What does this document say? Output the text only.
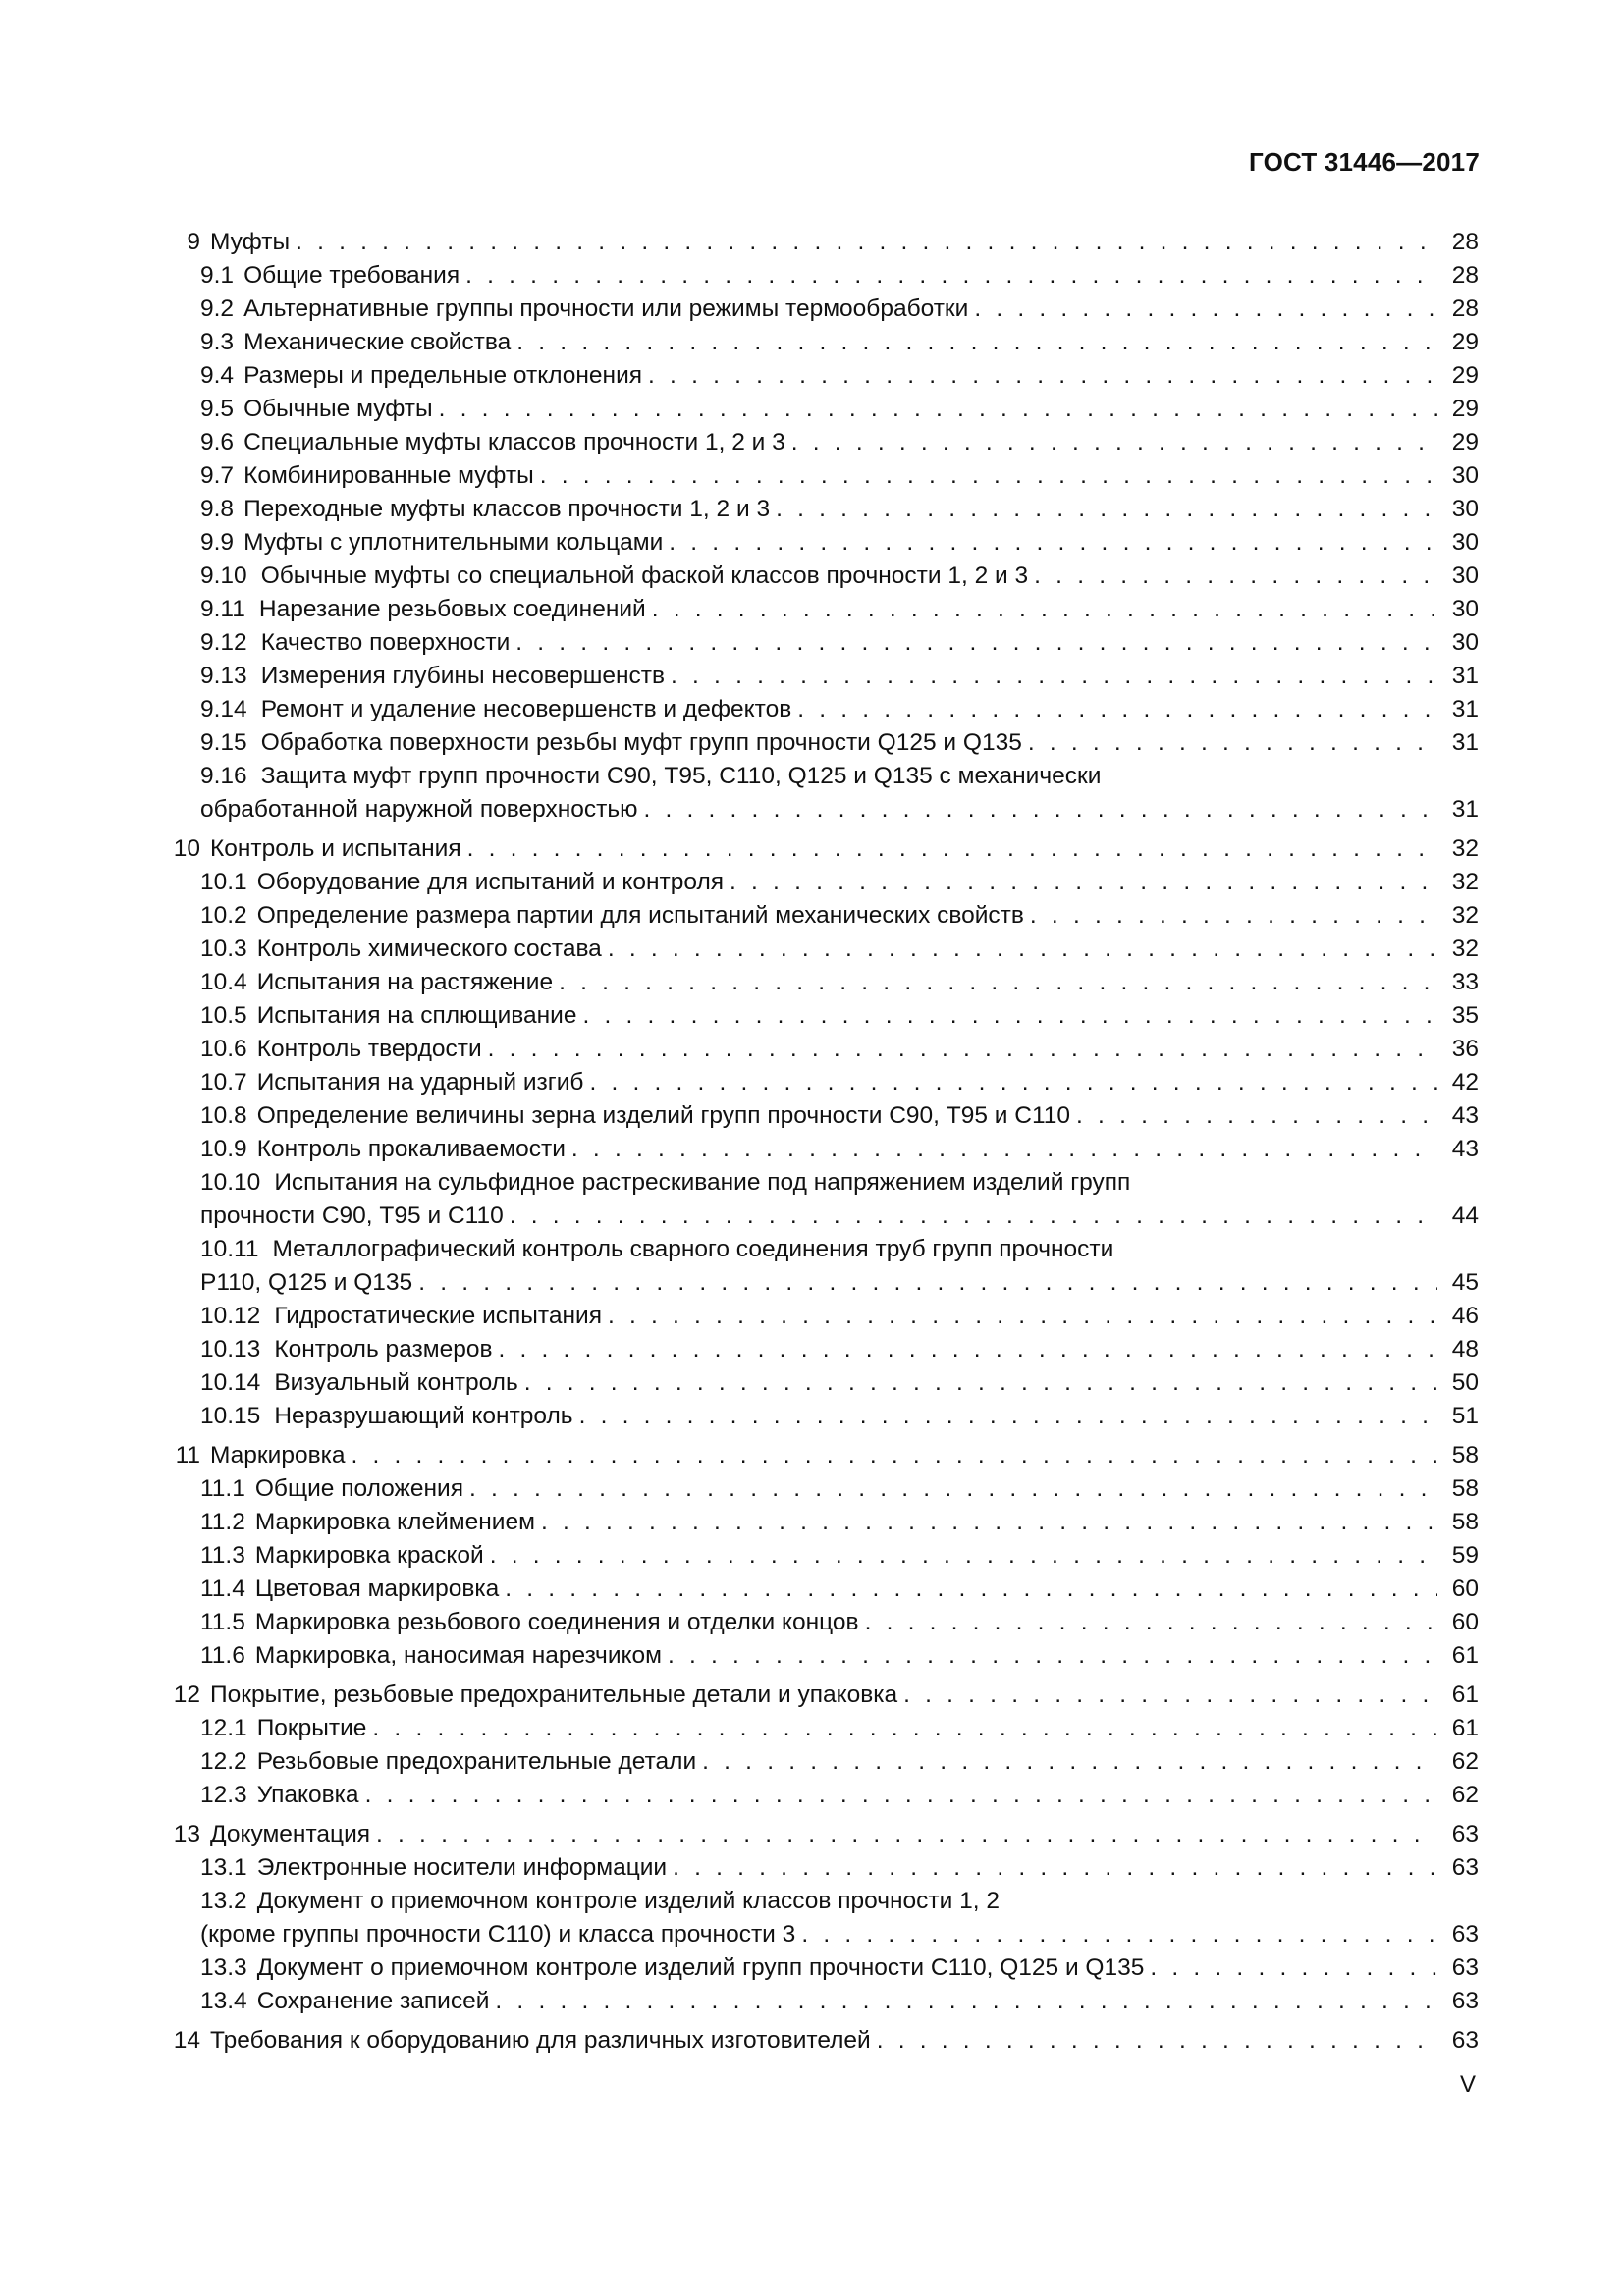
ГОСТ 31446—2017
9 Муфты . . .	28
9.1 Общие требования . . .	28
9.2 Альтернативные группы прочности или режимы термообработки . . .	28
9.3 Механические свойства . . .	29
9.4 Размеры и предельные отклонения . . .	29
9.5 Обычные муфты . . .	29
9.6 Специальные муфты классов прочности 1, 2 и 3 . . .	29
9.7 Комбинированные муфты . . .	30
9.8 Переходные муфты классов прочности 1, 2 и 3 . . .	30
9.9 Муфты с уплотнительными кольцами . . .	30
9.10 Обычные муфты со специальной фаской классов прочности 1, 2 и 3 . . .	30
9.11 Нарезание резьбовых соединений . . .	30
9.12 Качество поверхности . . .	30
9.13 Измерения глубины несовершенств . . .	31
9.14 Ремонт и удаление несовершенств и дефектов . . .	31
9.15 Обработка поверхности резьбы муфт групп прочности Q125 и Q135 . . .	31
9.16 Защита муфт групп прочности С90, Т95, С110, Q125 и Q135 с механически
обработанной наружной поверхностью . . .	31
10 Контроль и испытания . . .	32
10.1 Оборудование для испытаний и контроля . . .	32
10.2 Определение размера партии для испытаний механических свойств . . .	32
10.3 Контроль химического состава . . .	32
10.4 Испытания на растяжение . . .	33
10.5 Испытания на сплющивание . . .	35
10.6 Контроль твердости . . .	36
10.7 Испытания на ударный изгиб . . .	42
10.8 Определение величины зерна изделий групп прочности С90, Т95 и С110 . . .	43
10.9 Контроль прокаливаемости . . .	43
10.10 Испытания на сульфидное растрескивание под напряжением изделий групп
прочности С90, Т95 и С110 . . .	44
10.11 Металлографический контроль сварного соединения труб групп прочности
Р110, Q125 и Q135 . . .	45
10.12 Гидростатические испытания . . .	46
10.13 Контроль размеров . . .	48
10.14 Визуальный контроль . . .	50
10.15 Неразрушающий контроль . . .	51
11 Маркировка . . .	58
11.1 Общие положения . . .	58
11.2 Маркировка клеймением . . .	58
11.3 Маркировка краской . . .	59
11.4 Цветовая маркировка . . .	60
11.5 Маркировка резьбового соединения и отделки концов . . .	60
11.6 Маркировка, наносимая нарезчиком . . .	61
12 Покрытие, резьбовые предохранительные детали и упаковка . . .	61
12.1 Покрытие . . .	61
12.2 Резьбовые предохранительные детали . . .	62
12.3 Упаковка . . .	62
13 Документация . . .	63
13.1 Электронные носители информации . . .	63
13.2 Документ о приемочном контроле изделий классов прочности 1, 2
(кроме группы прочности С110) и класса прочности 3 . . .	63
13.3 Документ о приемочном контроле изделий групп прочности С110, Q125 и Q135 . . .	63
13.4 Сохранение записей . . .	63
14 Требования к оборудованию для различных изготовителей . . .	63
V
